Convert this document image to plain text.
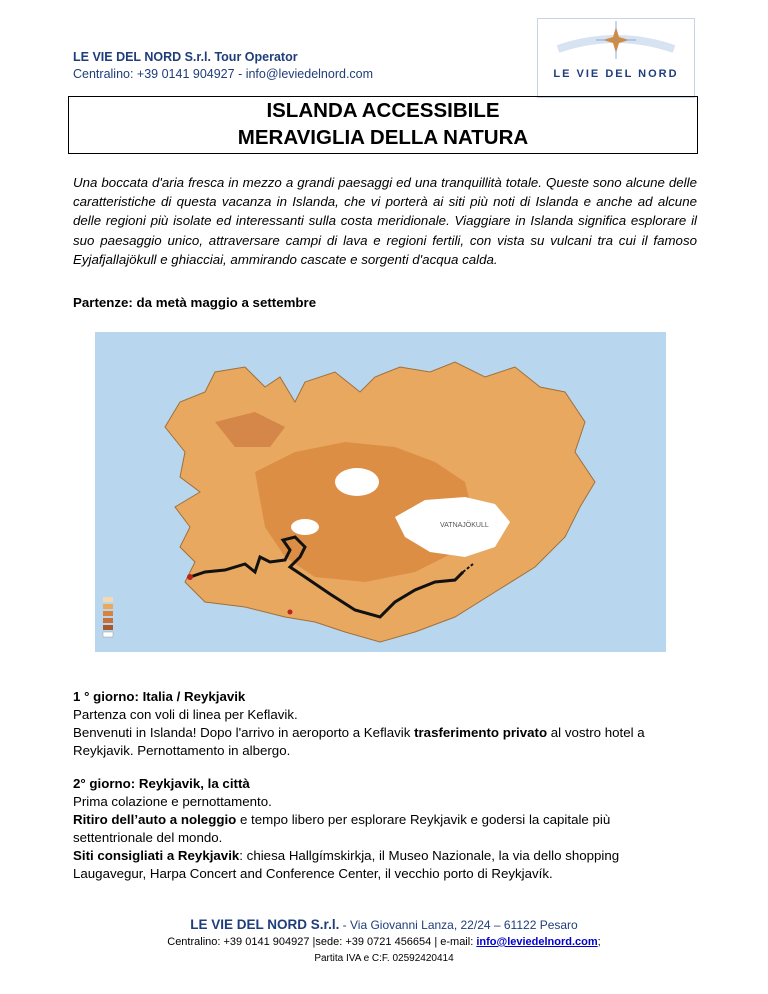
LE VIE DEL NORD S.r.l. Tour Operator
Centralino: +39 0141 904927 - info@leviedelnord.com	LE VIE DEL NORD
ISLANDA ACCESSIBILE
MERAVIGLIA DELLA NATURA
Una boccata d'aria fresca in mezzo a grandi paesaggi ed una tranquillità totale. Queste sono alcune delle caratteristiche di questa vacanza in Islanda, che vi porterà ai siti più noti di Islanda e anche ad alcune delle regioni più isolate ed interessanti sulla costa meridionale. Viaggiare in Islanda significa esplorare il suo paesaggio unico, attraversare campi di lava e regioni fertili, con vista su vulcani tra cui il famoso Eyjafjallajökull e ghiacciai, ammirando cascate e sorgenti d'acqua calda.
Partenze: da metà maggio a settembre
VATNAJÖKULL
1 ° giorno: Italia / Reykjavik
Partenza con voli di linea per Keflavik.
Benvenuti in Islanda! Dopo l'arrivo in aeroporto a Keflavik trasferimento privato al vostro hotel a
Reykjavik. Pernottamento in albergo.
2° giorno: Reykjavik, la città
Prima colazione e pernottamento.
Ritiro dell’auto a noleggio e tempo libero per esplorare Reykjavik e godersi la capitale più
settentrionale del mondo.
Siti consigliati a Reykjavik: chiesa Hallgímskirkja, il Museo Nazionale, la via dello shopping
Laugavegur, Harpa Concert and Conference Center, il vecchio porto di Reykjavík.
LE VIE DEL NORD S.r.l. - Via Giovanni Lanza, 22/24 – 61122 Pesaro
Centralino: +39 0141 904927 |sede: +39 0721 456654 | e-mail: info@leviedelnord.com;
Partita IVA e C:F. 02592420414
